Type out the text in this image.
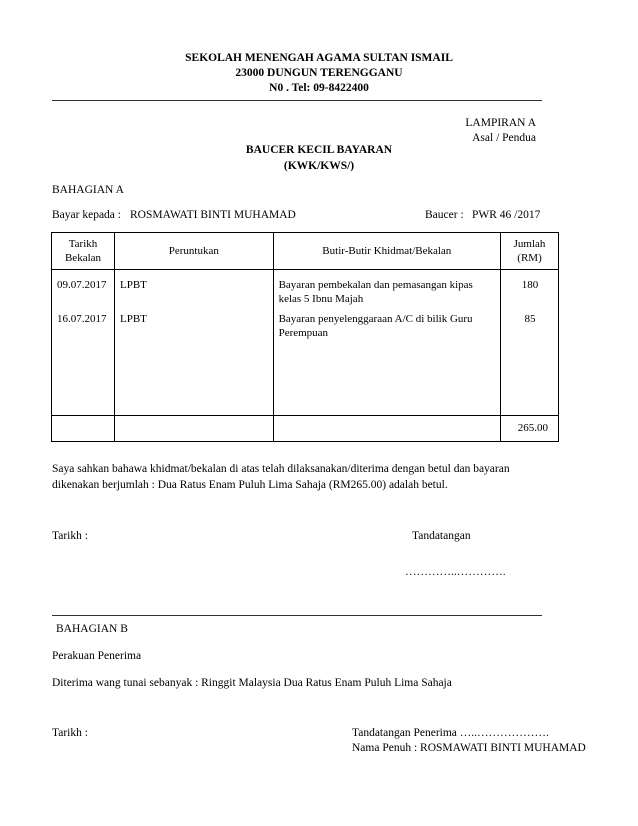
SEKOLAH MENENGAH AGAMA SULTAN ISMAIL
23000 DUNGUN TERENGGANU
N0 . Tel: 09-8422400
LAMPIRAN A
Asal / Pendua
BAUCER KECIL BAYARAN
(KWK/KWS/)
BAHAGIAN A
Bayar kepada : ROSMAWATI BINTI MUHAMAD	Baucer : PWR 46 /2017
Tarikh Bekalan	Peruntukan	Butir-Butir Khidmat/Bekalan	Jumlah (RM)

09.07.2017	LPBT	Bayaran pembekalan dan pemasangan kipas kelas 5 Ibnu Majah	180

16.07.2017	LPBT	Bayaran penyelenggaraan A/C di bilik Guru Perempuan	85

			265.00
Saya sahkan bahawa khidmat/bekalan di atas telah dilaksanakan/diterima dengan betul dan bayaran
dikenakan berjumlah : Dua Ratus Enam Puluh Lima Sahaja (RM265.00) adalah betul.
Tarikh :	Tandatangan
…………..………….
BAHAGIAN B
Perakuan Penerima
Diterima wang tunai sebanyak : Ringgit Malaysia Dua Ratus Enam Puluh Lima Sahaja
Tarikh :	Tandatangan Penerima …..……………….
Nama Penuh : ROSMAWATI BINTI MUHAMAD
